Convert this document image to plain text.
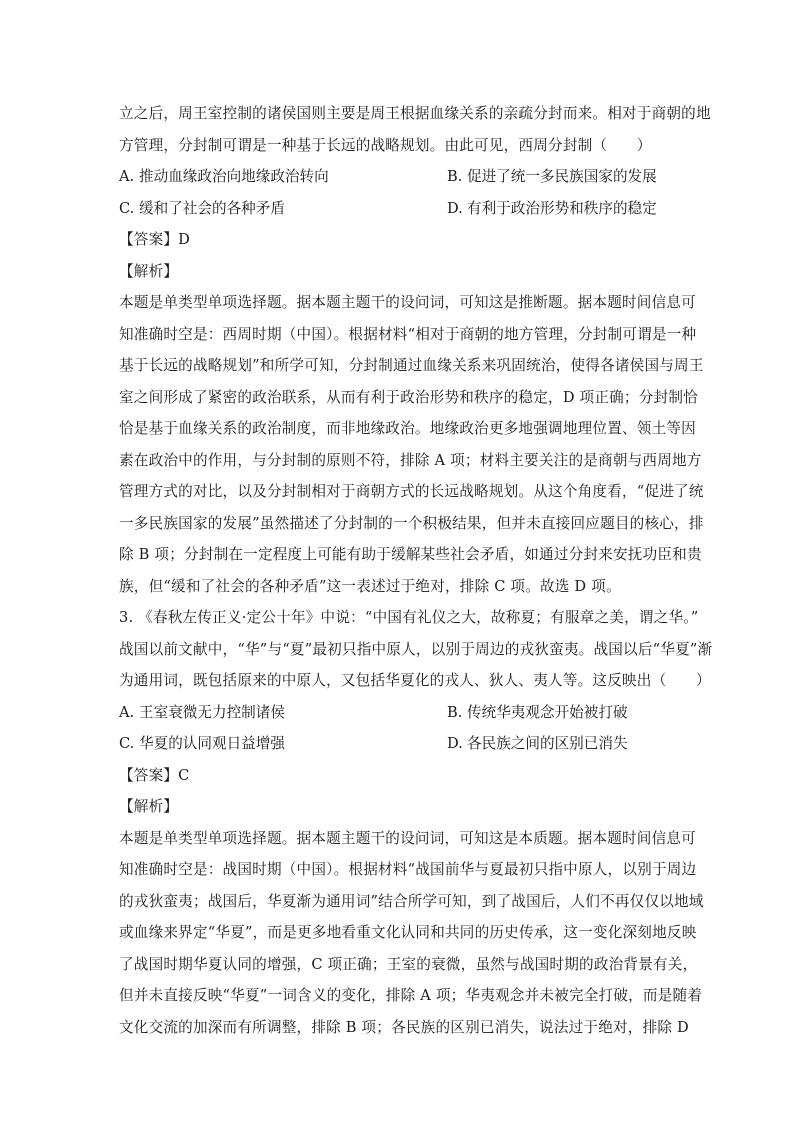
立之后，周王室控制的诸侯国则主要是周王根据血缘关系的亲疏分封而来。相对于商朝的地
方管理，分封制可谓是一种基于长远的战略规划。由此可见，西周分封制（　　）
A. 推动血缘政治向地缘政治转向	B. 促进了统一多民族国家的发展
C. 缓和了社会的各种矛盾	D. 有利于政治形势和秩序的稳定
【答案】D
【解析】
本题是单类型单项选择题。据本题主题干的设问词，可知这是推断题。据本题时间信息可
知准确时空是：西周时期（中国）。根据材料“相对于商朝的地方管理，分封制可谓是一种
基于长远的战略规划”和所学可知，分封制通过血缘关系来巩固统治，使得各诸侯国与周王
室之间形成了紧密的政治联系，从而有利于政治形势和秩序的稳定，D 项正确；分封制恰
恰是基于血缘关系的政治制度，而非地缘政治。地缘政治更多地强调地理位置、领土等因
素在政治中的作用，与分封制的原则不符，排除 A 项；材料主要关注的是商朝与西周地方
管理方式的对比，以及分封制相对于商朝方式的长远战略规划。从这个角度看，“促进了统
一多民族国家的发展”虽然描述了分封制的一个积极结果，但并未直接回应题目的核心，排
除 B 项；分封制在一定程度上可能有助于缓解某些社会矛盾，如通过分封来安抚功臣和贵
族，但“缓和了社会的各种矛盾”这一表述过于绝对，排除 C 项。故选 D 项。
3. 《春秋左传正义·定公十年》中说：“中国有礼仪之大，故称夏；有服章之美，谓之华。”
战国以前文献中，“华”与“夏”最初只指中原人，以别于周边的戎狄蛮夷。战国以后“华夏”渐
为通用词，既包括原来的中原人，又包括华夏化的戎人、狄人、夷人等。这反映出（　　）
A. 王室衰微无力控制诸侯	B. 传统华夷观念开始被打破
C. 华夏的认同观日益增强	D. 各民族之间的区别已消失
【答案】C
【解析】
本题是单类型单项选择题。据本题主题干的设问词，可知这是本质题。据本题时间信息可
知准确时空是：战国时期（中国）。根据材料“战国前华与夏最初只指中原人，以别于周边
的戎狄蛮夷；战国后，华夏渐为通用词”结合所学可知，到了战国后，人们不再仅仅以地域
或血缘来界定“华夏”，而是更多地看重文化认同和共同的历史传承，这一变化深刻地反映
了战国时期华夏认同的增强，C 项正确；王室的衰微，虽然与战国时期的政治背景有关，
但并未直接反映“华夏”一词含义的变化，排除 A 项；华夷观念并未被完全打破，而是随着
文化交流的加深而有所调整，排除 B 项；各民族的区别已消失，说法过于绝对，排除 D
